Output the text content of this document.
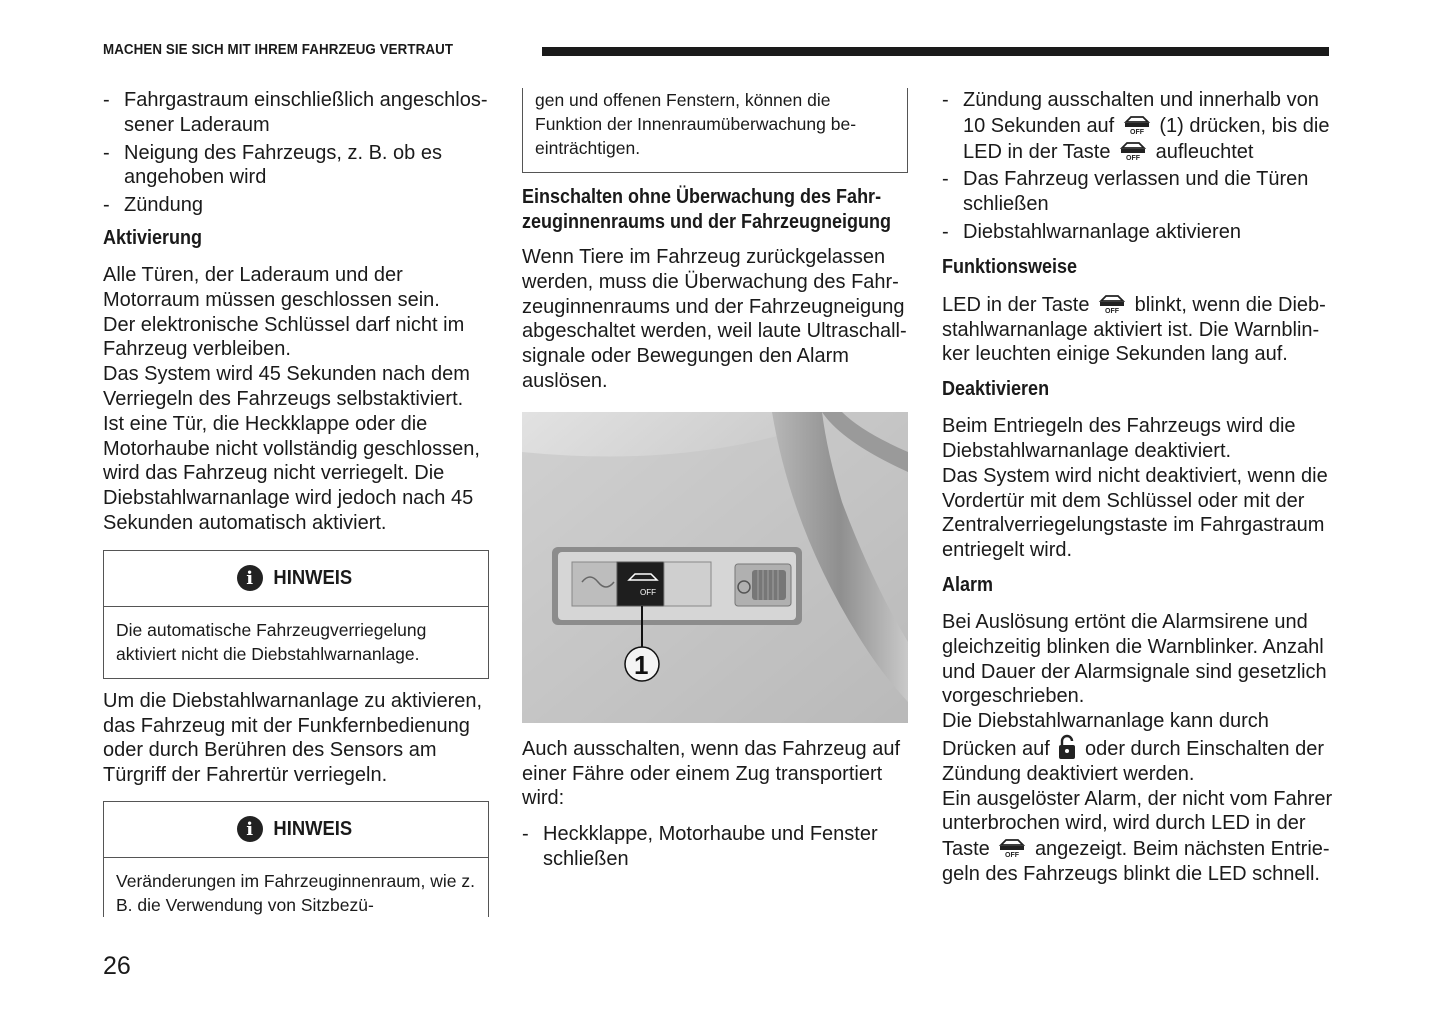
MACHEN SIE SICH MIT IHREM FAHRZEUG VERTRAUT
- Fahrgastraum einschließlich angeschlos-sener Laderaum
- Neigung des Fahrzeugs, z. B. ob es angehoben wird
- Zündung
Aktivierung

Alle Türen, der Laderaum und der Motorraum müssen geschlossen sein.

Der elektronische Schlüssel darf nicht im Fahrzeug verbleiben.

Das System wird 45 Sekunden nach dem Verriegeln des Fahrzeugs selbstaktiviert.

Ist eine Tür, die Heckklappe oder die Motorhaube nicht vollständig geschlossen, wird das Fahrzeug nicht verriegelt. Die Diebstahlwarnanlage wird jedoch nach 45 Sekunden automatisch aktiviert.

i	HINWEIS
Die automatische Fahrzeugverriegelung aktiviert nicht die Diebstahlwarnanlage.

Um die Diebstahlwarnanlage zu aktivieren, das Fahrzeug mit der Funkfernbedienung oder durch Berühren des Sensors am Türgriff der Fahrertür verriegeln.

i	HINWEIS
Veränderungen im Fahrzeuginnenraum, wie z. B. die Verwendung von Sitzbezü-
gen und offenen Fenstern, können die Funktion der Innenraumüberwachung be-einträchtigen.
Einschalten ohne Überwachung des Fahr-
zeuginnenraums und der Fahrzeugneigung

Wenn Tiere im Fahrzeug zurückgelassen werden, muss die Überwachung des Fahr-zeuginnenraums und der Fahrzeugneigung abgeschaltet werden, weil laute Ultraschall-signale oder Bewegungen den Alarm auslösen.

OFF
1

Auch ausschalten, wenn das Fahrzeug auf einer Fähre oder einem Zug transportiert wird:

- Heckklappe, Motorhaube und Fenster schließen
- Zündung ausschalten und innerhalb von 10 Sekunden auf OFF (1) drücken, bis die LED in der Taste OFF aufleuchtet
- Das Fahrzeug verlassen und die Türen schließen
- Diebstahlwarnanlage aktivieren
Funktionsweise

LED in der Taste OFF blinkt, wenn die Dieb-stahlwarnanlage aktiviert ist. Die Warnblin-ker leuchten einige Sekunden lang auf.

Deaktivieren

Beim Entriegeln des Fahrzeugs wird die Diebstahlwarnanlage deaktiviert.

Das System wird nicht deaktiviert, wenn die Vordertür mit dem Schlüssel oder mit der Zentralverriegelungstaste im Fahrgastraum entriegelt wird.

Alarm

Bei Auslösung ertönt die Alarmsirene und gleichzeitig blinken die Warnblinker. Anzahl und Dauer der Alarmsignale sind gesetzlich vorgeschrieben.

Die Diebstahlwarnanlage kann durch Drücken auf oder durch Einschalten der Zündung deaktiviert werden.

Ein ausgelöster Alarm, der nicht vom Fahrer unterbrochen wird, wird durch LED in der Taste OFF angezeigt. Beim nächsten Entrie-geln des Fahrzeugs blinkt die LED schnell.

26
